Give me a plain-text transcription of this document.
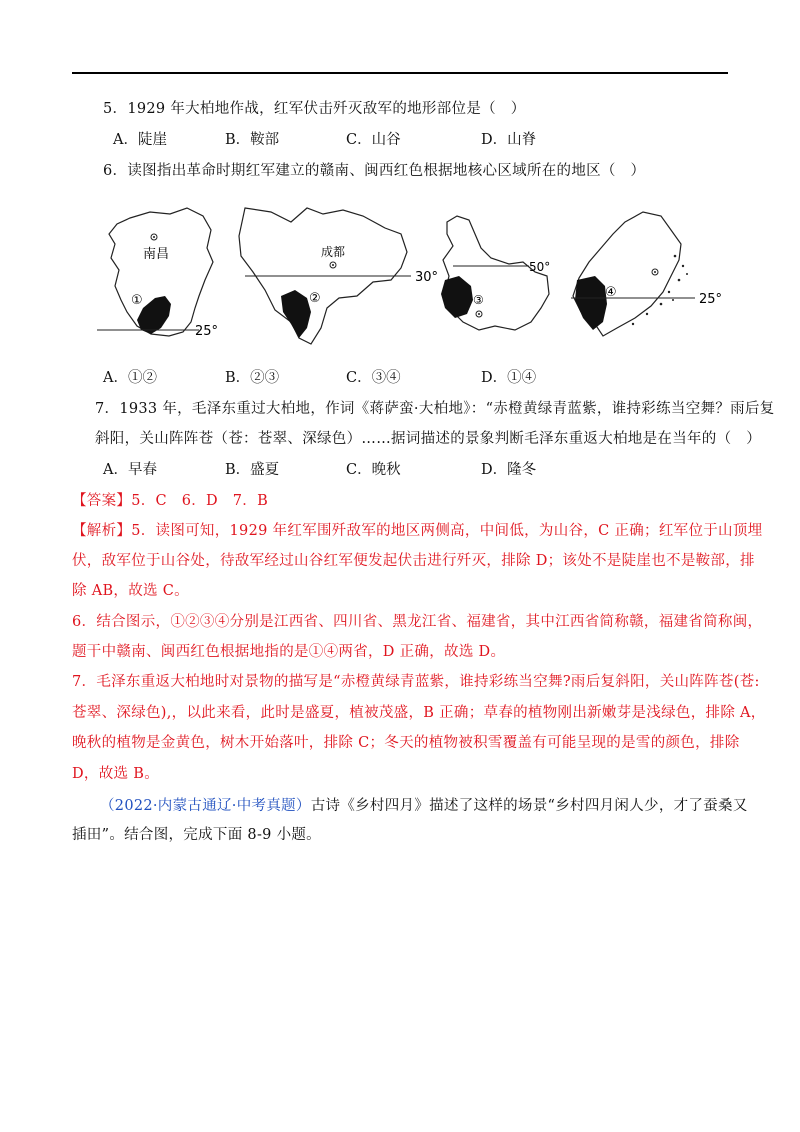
5．1929 年大柏地作战，红军伏击歼灭敌军的地形部位是（　）
A．陡崖	B．鞍部	C．山谷	D．山脊
6．读图指出革命时期红军建立的赣南、闽西红色根据地核心区域所在的地区（　）
南昌
①
25°
成都
②
30°
③
50°
④	25°
A．①②	B．②③	C．③④	D．①④
7．1933 年，毛泽东重过大柏地，作词《蒋萨蛮·大柏地》：“赤橙黄绿青蓝紫，谁持彩练当空舞？雨后复
斜阳，关山阵阵苍（苍：苍翠、深绿色）……据词描述的景象判断毛泽东重返大柏地是在当年的（　）
A．早春	B．盛夏	C．晚秋	D．隆冬
【答案】5．C　6．D　7．B
【解析】5．读图可知，1929 年红军围歼敌军的地区两侧高，中间低，为山谷，C 正确；红军位于山顶埋
伏，敌军位于山谷处，待敌军经过山谷红军便发起伏击进行歼灭，排除 D；该处不是陡崖也不是鞍部，排
除 AB，故选 C。
6．结合图示，①②③④分别是江西省、四川省、黑龙江省、福建省，其中江西省简称赣，福建省简称闽，
题干中赣南、闽西红色根据地指的是①④两省，D 正确，故选 D。
7．毛泽东重返大柏地时对景物的描写是“赤橙黄绿青蓝紫，谁持彩练当空舞?雨后复斜阳，关山阵阵苍(苍:
苍翠、深绿色),，以此来看，此时是盛夏，植被茂盛，B 正确；草春的植物刚出新嫩芽是浅绿色，排除 A，
晚秋的植物是金黄色，树木开始落叶，排除 C；冬天的植物被积雪覆盖有可能呈现的是雪的颜色，排除
D，故选 B。
（2022·内蒙古通辽·中考真题）古诗《乡村四月》描述了这样的场景“乡村四月闲人少，才了蚕桑又
插田”。结合图，完成下面 8-9 小题。
